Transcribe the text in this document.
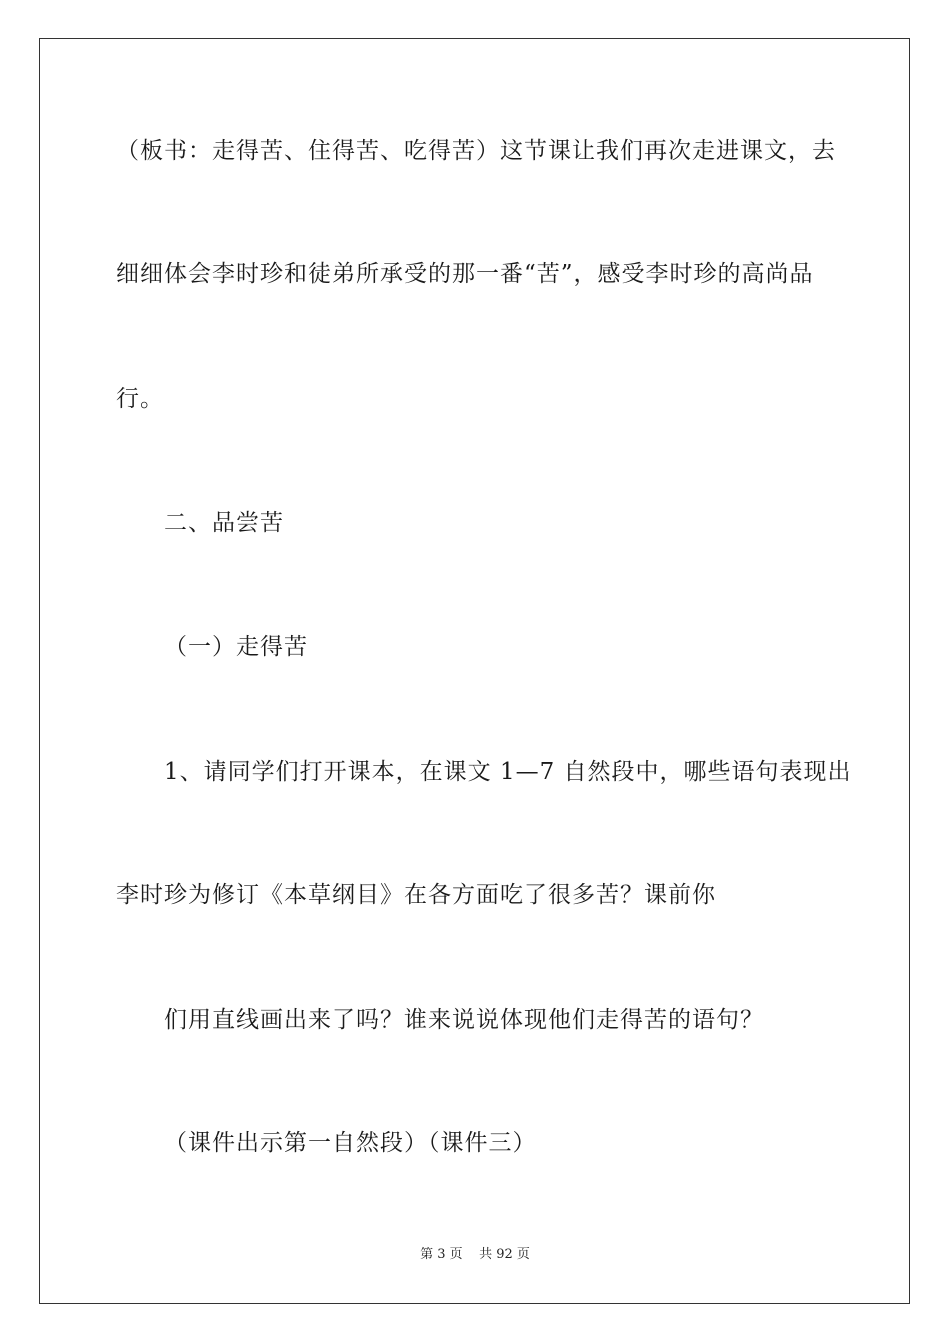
（板书：走得苦、住得苦、吃得苦）这节课让我们再次走进课文，去
细细体会李时珍和徒弟所承受的那一番“苦”，感受李时珍的高尚品
行。
二、品尝苦
（一）走得苦
1、请同学们打开课本，在课文 1—7 自然段中，哪些语句表现出
李时珍为修订《本草纲目》在各方面吃了很多苦？课前你
们用直线画出来了吗？谁来说说体现他们走得苦的语句？
（课件出示第一自然段）（课件三）
第 3 页    共 92 页
